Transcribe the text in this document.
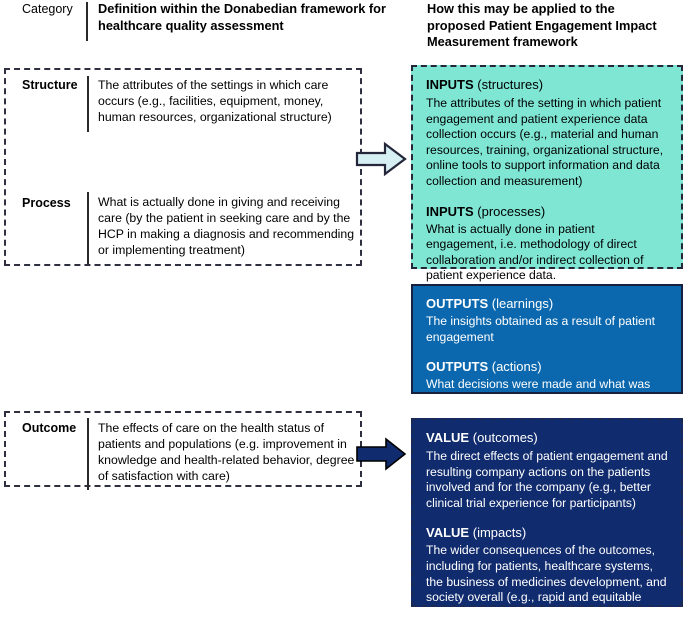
Category	Definition within the Donabedian framework for healthcare quality assessment
How this may be applied to the proposed Patient Engagement Impact Measurement framework
Structure The attributes of the settings in which care occurs (e.g., facilities, equipment, money, human resources, organizational structure)
Process What is actually done in giving and receiving care (by the patient in seeking care and by the HCP in making a diagnosis and recommending or implementing treatment)
Outcome The effects of care on the health status of patients and populations (e.g. improvement in knowledge and health-related behavior, degree of satisfaction with care)
INPUTS (structures)
The attributes of the setting in which patient engagement and patient experience data collection occurs (e.g., material and human resources, training, organizational structure, online tools to support information and data collection and measurement)
INPUTS (processes)
What is actually done in patient engagement, i.e. methodology of direct collaboration and/or indirect collection of patient experience data.
OUTPUTS (learnings)
The insights obtained as a result of patient engagement
OUTPUTS (actions)
What decisions were made and what was done as a result of the learnings
VALUE (outcomes)
The direct effects of patient engagement and resulting company actions on the patients involved and for the company (e.g., better clinical trial experience for participants)
VALUE (impacts)
The wider consequences of the outcomes, including for patients, healthcare systems, the business of medicines development, and society overall (e.g., rapid and equitable access to therapy)
